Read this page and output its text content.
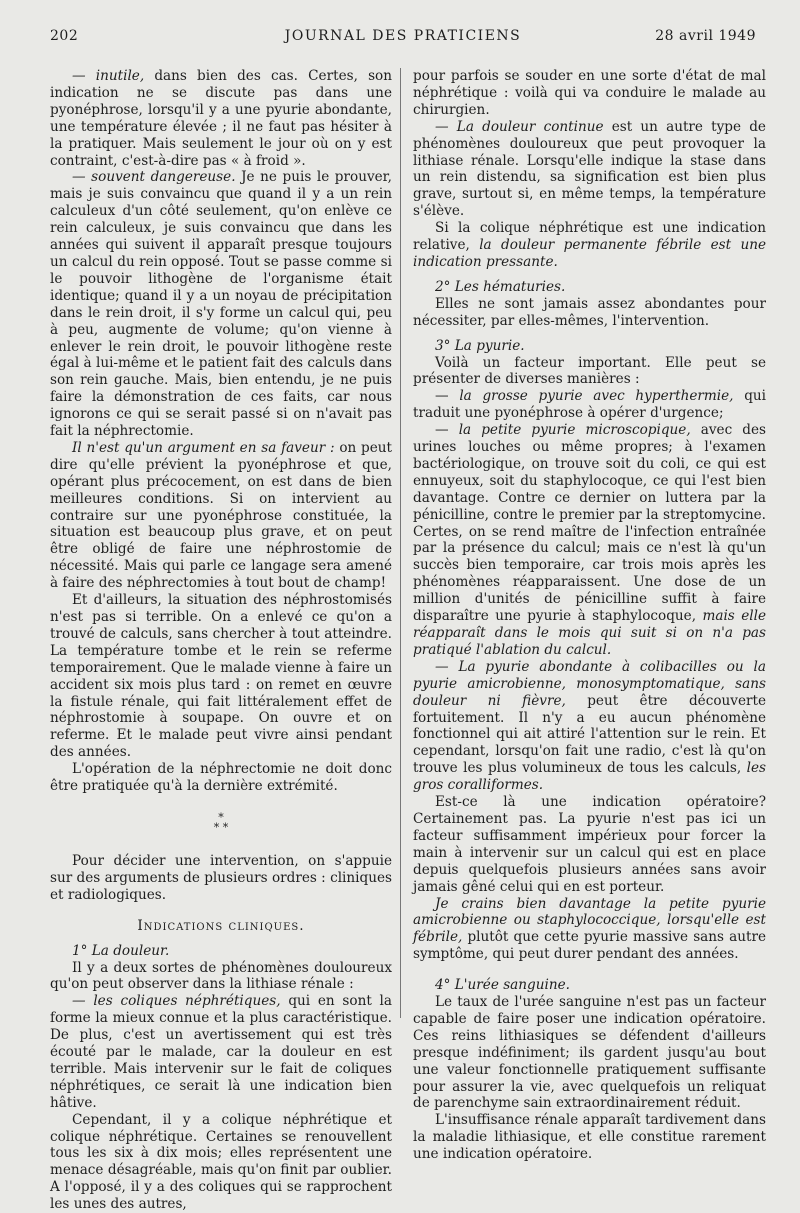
202	JOURNAL DES PRATICIENS	28 avril 1949

— inutile, dans bien des cas. Certes, son indication ne se discute pas dans une pyonéphrose, lorsqu'il y a une pyurie abondante, une température élevée ; il ne faut pas hésiter à la pratiquer. Mais seulement le jour où on y est contraint, c'est-à-dire pas « à froid ».

— souvent dangereuse. Je ne puis le prouver, mais je suis convaincu que quand il y a un rein calculeux d'un côté seulement, qu'on enlève ce rein calculeux, je suis convaincu que dans les années qui suivent il apparaît presque toujours un calcul du rein opposé. Tout se passe comme si le pouvoir lithogène de l'organisme était identique; quand il y a un noyau de précipitation dans le rein droit, il s'y forme un calcul qui, peu à peu, augmente de volume; qu'on vienne à enlever le rein droit, le pouvoir lithogène reste égal à lui-même et le patient fait des calculs dans son rein gauche. Mais, bien entendu, je ne puis faire la démonstration de ces faits, car nous ignorons ce qui se serait passé si on n'avait pas fait la néphrectomie.

Il n'est qu'un argument en sa faveur : on peut dire qu'elle prévient la pyonéphrose et que, opérant plus précocement, on est dans de bien meilleures conditions. Si on intervient au contraire sur une pyonéphrose constituée, la situation est beaucoup plus grave, et on peut être obligé de faire une néphrostomie de nécessité. Mais qui parle ce langage sera amené à faire des néphrectomies à tout bout de champ!

Et d'ailleurs, la situation des néphrostomisés n'est pas si terrible. On a enlevé ce qu'on a trouvé de calculs, sans chercher à tout atteindre. La température tombe et le rein se referme temporairement. Que le malade vienne à faire un accident six mois plus tard : on remet en œuvre la fistule rénale, qui fait littéralement effet de néphrostomie à soupape. On ouvre et on referme. Et le malade peut vivre ainsi pendant des années.

L'opération de la néphrectomie ne doit donc être pratiquée qu'à la dernière extrémité.

*
* *

Pour décider une intervention, on s'appuie sur des arguments de plusieurs ordres : cliniques et radiologiques.

Indications cliniques.

1° La douleur.

Il y a deux sortes de phénomènes douloureux qu'on peut observer dans la lithiase rénale :

— les coliques néphrétiques, qui en sont la forme la mieux connue et la plus caractéristique. De plus, c'est un avertissement qui est très écouté par le malade, car la douleur en est terrible. Mais intervenir sur le fait de coliques néphrétiques, ce serait là une indication bien hâtive.

Cependant, il y a colique néphrétique et colique néphrétique. Certaines se renouvellent tous les six à dix mois; elles représentent une menace désagréable, mais qu'on finit par oublier. A l'opposé, il y a des coliques qui se rapprochent les unes des autres,

pour parfois se souder en une sorte d'état de mal néphrétique : voilà qui va conduire le malade au chirurgien.

— La douleur continue est un autre type de phénomènes douloureux que peut provoquer la lithiase rénale. Lorsqu'elle indique la stase dans un rein distendu, sa signification est bien plus grave, surtout si, en même temps, la température s'élève.

Si la colique néphrétique est une indication relative, la douleur permanente fébrile est une indication pressante.

2° Les hématuries.

Elles ne sont jamais assez abondantes pour nécessiter, par elles-mêmes, l'intervention.

3° La pyurie.

Voilà un facteur important. Elle peut se présenter de diverses manières :

— la grosse pyurie avec hyperthermie, qui traduit une pyonéphrose à opérer d'urgence;

— la petite pyurie microscopique, avec des urines louches ou même propres; à l'examen bactériologique, on trouve soit du coli, ce qui est ennuyeux, soit du staphylocoque, ce qui l'est bien davantage. Contre ce dernier on luttera par la pénicilline, contre le premier par la streptomycine. Certes, on se rend maître de l'infection entraînée par la présence du calcul; mais ce n'est là qu'un succès bien temporaire, car trois mois après les phénomènes réapparaissent. Une dose de un million d'unités de pénicilline suffit à faire disparaître une pyurie à staphylocoque, mais elle réapparaît dans le mois qui suit si on n'a pas pratiqué l'ablation du calcul.

— La pyurie abondante à colibacilles ou la pyurie amicrobienne, monosymptomatique, sans douleur ni fièvre, peut être découverte fortuitement. Il n'y a eu aucun phénomène fonctionnel qui ait attiré l'attention sur le rein. Et cependant, lorsqu'on fait une radio, c'est là qu'on trouve les plus volumineux de tous les calculs, les gros coralliformes.

Est-ce là une indication opératoire? Certainement pas. La pyurie n'est pas ici un facteur suffisamment impérieux pour forcer la main à intervenir sur un calcul qui est en place depuis quelquefois plusieurs années sans avoir jamais gêné celui qui en est porteur.

Je crains bien davantage la petite pyurie amicrobienne ou staphylococcique, lorsqu'elle est fébrile, plutôt que cette pyurie massive sans autre symptôme, qui peut durer pendant des années.

4° L'urée sanguine.

Le taux de l'urée sanguine n'est pas un facteur capable de faire poser une indication opératoire. Ces reins lithiasiques se défendent d'ailleurs presque indéfiniment; ils gardent jusqu'au bout une valeur fonctionnelle pratiquement suffisante pour assurer la vie, avec quelquefois un reliquat de parenchyme sain extraordinairement réduit.

L'insuffisance rénale apparaît tardivement dans la maladie lithiasique, et elle constitue rarement une indication opératoire.
